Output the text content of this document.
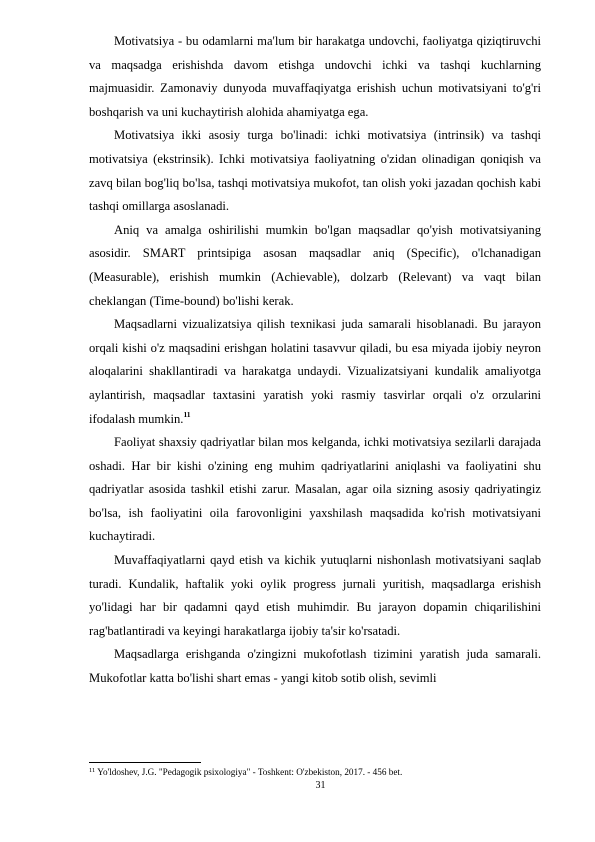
Motivatsiya - bu odamlarni ma'lum bir harakatga undovchi, faoliyatga qiziqtiruvchi va maqsadga erishishda davom etishga undovchi ichki va tashqi kuchlarning majmuasidir. Zamonaviy dunyoda muvaffaqiyatga erishish uchun motivatsiyani to'g'ri boshqarish va uni kuchaytirish alohida ahamiyatga ega.

Motivatsiya ikki asosiy turga bo'linadi: ichki motivatsiya (intrinsik) va tashqi motivatsiya (ekstrinsik). Ichki motivatsiya faoliyatning o'zidan olinadigan qoniqish va zavq bilan bog'liq bo'lsa, tashqi motivatsiya mukofot, tan olish yoki jazadan qochish kabi tashqi omillarga asoslanadi.

Aniq va amalga oshirilishi mumkin bo'lgan maqsadlar qo'yish motivatsiyaning asosidir. SMART printsipiga asosan maqsadlar aniq (Specific), o'lchanadigan (Measurable), erishish mumkin (Achievable), dolzarb (Relevant) va vaqt bilan cheklangan (Time-bound) bo'lishi kerak.

Maqsadlarni vizualizatsiya qilish texnikasi juda samarali hisoblanadi. Bu jarayon orqali kishi o'z maqsadini erishgan holatini tasavvur qiladi, bu esa miyada ijobiy neyron aloqalarini shakllantiradi va harakatga undaydi. Vizualizatsiyani kundalik amaliyotga aylantirish, maqsadlar taxtasini yaratish yoki rasmiy tasvirlar orqali o'z orzularini ifodalash mumkin.$^{11}$

Faoliyat shaxsiy qadriyatlar bilan mos kelganda, ichki motivatsiya sezilarli darajada oshadi. Har bir kishi o'zining eng muhim qadriyatlarini aniqlashi va faoliyatini shu qadriyatlar asosida tashkil etishi zarur. Masalan, agar oila sizning asosiy qadriyatingiz bo'lsa, ish faoliyatini oila farovonligini yaxshilash maqsadida ko'rish motivatsiyani kuchaytiradi.

Muvaffaqiyatlarni qayd etish va kichik yutuqlarni nishonlash motivatsiyani saqlab turadi. Kundalik, haftalik yoki oylik progress jurnali yuritish, maqsadlarga erishish yo'lidagi har bir qadamni qayd etish muhimdir. Bu jarayon dopamin chiqarilishini rag'batlantiradi va keyingi harakatlarga ijobiy ta'sir ko'rsatadi.

Maqsadlarga erishganda o'zingizni mukofotlash tizimini yaratish juda samarali. Mukofotlar katta bo'lishi shart emas - yangi kitob sotib olish, sevimli

$^{11}$ Yo'ldoshev, J.G. "Pedagogik psixologiya" - Toshkent: O'zbekiston, 2017. - 456 bet.
31
